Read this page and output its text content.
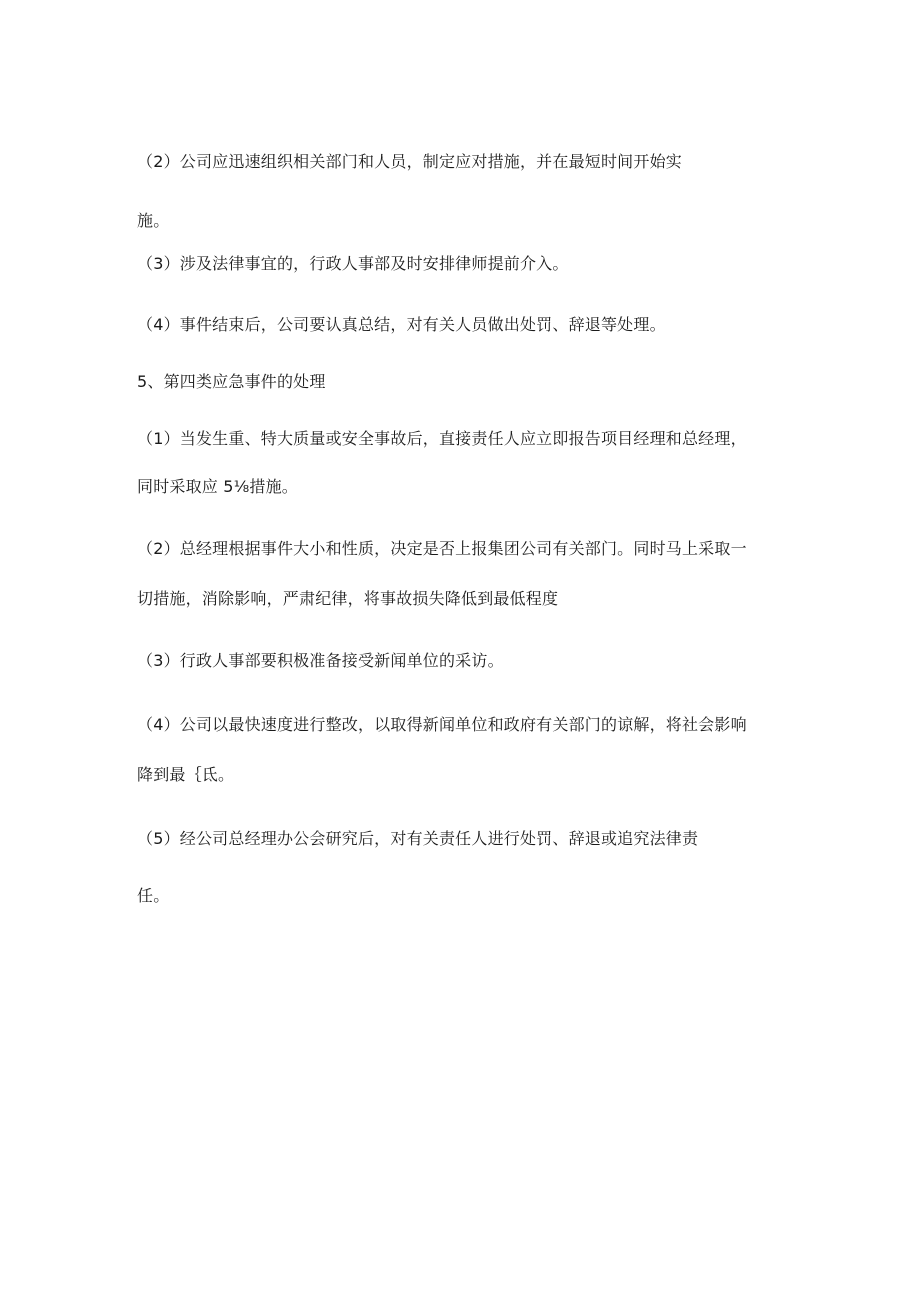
（2）公司应迅速组织相关部门和人员，制定应对措施，并在最短时间开始实

施。

（3）涉及法律事宜的，行政人事部及时安排律师提前介入。

（4）事件结束后，公司要认真总结，对有关人员做出处罚、辞退等处理。

5、第四类应急事件的处理

（1）当发生重、特大质量或安全事故后，直接责任人应立即报告项目经理和总经理，

同时采取应 5⅛措施。

（2）总经理根据事件大小和性质，决定是否上报集团公司有关部门。同时马上采取一

切措施，消除影响，严肃纪律，将事故损失降低到最低程度

（3）行政人事部要积极准备接受新闻单位的采访。

（4）公司以最快速度进行整改，以取得新闻单位和政府有关部门的谅解，将社会影响

降到最｛氐。

（5）经公司总经理办公会研究后，对有关责任人进行处罚、辞退或追究法律责

任。
